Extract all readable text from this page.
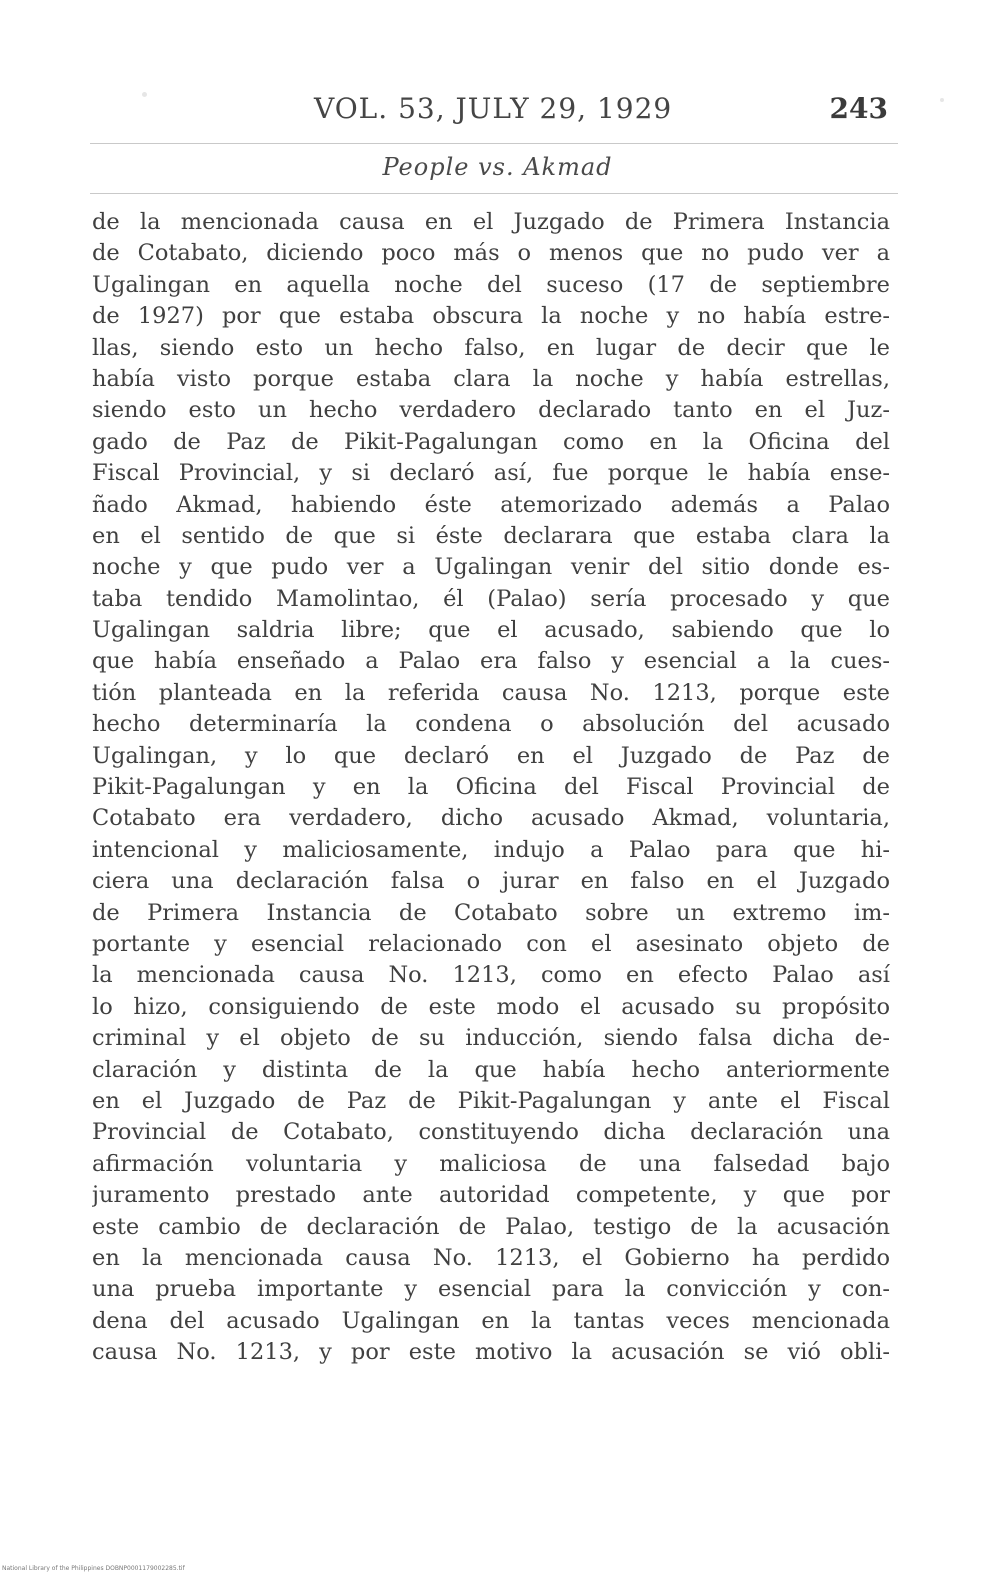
VOL. 53, JULY 29, 1929	243
People vs. Akmad
de la mencionada causa en el Juzgado de Primera Instancia
de Cotabato, diciendo poco más o menos que no pudo ver a
Ugalingan en aquella noche del suceso (17 de septiembre
de 1927) por que estaba obscura la noche y no había estre-
llas, siendo esto un hecho falso, en lugar de decir que le
había visto porque estaba clara la noche y había estrellas,
siendo esto un hecho verdadero declarado tanto en el Juz-
gado de Paz de Pikit-Pagalungan como en la Oficina del
Fiscal Provincial, y si declaró así, fue porque le había ense-
ñado Akmad, habiendo éste atemorizado además a Palao
en el sentido de que si éste declarara que estaba clara la
noche y que pudo ver a Ugalingan venir del sitio donde es-
taba tendido Mamolintao, él (Palao) sería procesado y que
Ugalingan saldria libre; que el acusado, sabiendo que lo
que había enseñado a Palao era falso y esencial a la cues-
tión planteada en la referida causa No. 1213, porque este
hecho determinaría la condena o absolución del acusado
Ugalingan, y lo que declaró en el Juzgado de Paz de
Pikit-Pagalungan y en la Oficina del Fiscal Provincial de
Cotabato era verdadero, dicho acusado Akmad, voluntaria,
intencional y maliciosamente, indujo a Palao para que hi-
ciera una declaración falsa o jurar en falso en el Juzgado
de Primera Instancia de Cotabato sobre un extremo im-
portante y esencial relacionado con el asesinato objeto de
la mencionada causa No. 1213, como en efecto Palao así
lo hizo, consiguiendo de este modo el acusado su propósito
criminal y el objeto de su inducción, siendo falsa dicha de-
claración y distinta de la que había hecho anteriormente
en el Juzgado de Paz de Pikit-Pagalungan y ante el Fiscal
Provincial de Cotabato, constituyendo dicha declaración una
afirmación voluntaria y maliciosa de una falsedad bajo
juramento prestado ante autoridad competente, y que por
este cambio de declaración de Palao, testigo de la acusación
en la mencionada causa No. 1213, el Gobierno ha perdido
una prueba importante y esencial para la convicción y con-
dena del acusado Ugalingan en la tantas veces mencionada
causa No. 1213, y por este motivo la acusación se vió obli-
National Library of the Philippines DOBNP0001179002285.tif
